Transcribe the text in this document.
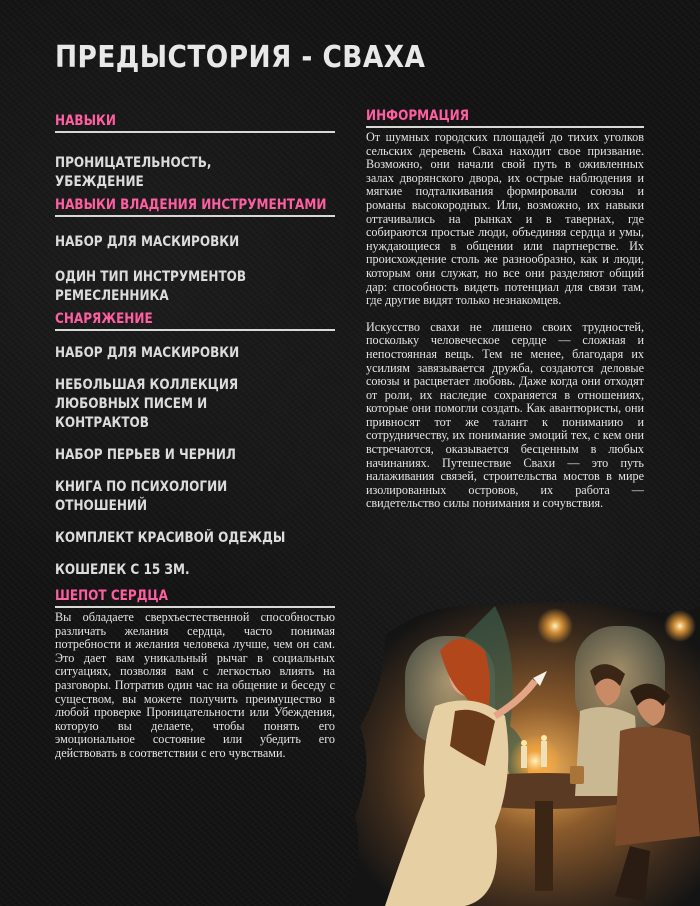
ПРЕДЫСТОРИЯ - СВАХА
НАВЫКИ
ПРОНИЦАТЕЛЬНОСТЬ, УБЕЖДЕНИЕ
НАВЫКИ ВЛАДЕНИЯ ИНСТРУМЕНТАМИ
НАБОР ДЛЯ МАСКИРОВКИ
ОДИН ТИП ИНСТРУМЕНТОВ РЕМЕСЛЕННИКА
СНАРЯЖЕНИЕ
НАБОР ДЛЯ МАСКИРОВКИ
НЕБОЛЬШАЯ КОЛЛЕКЦИЯ ЛЮБОВНЫХ ПИСЕМ И КОНТРАКТОВ
НАБОР ПЕРЬЕВ И ЧЕРНИЛ
КНИГА ПО ПСИХОЛОГИИ ОТНОШЕНИЙ
КОМПЛЕКТ КРАСИВОЙ ОДЕЖДЫ
КОШЕЛЕК С 15 ЗМ.
ШЕПОТ СЕРДЦА

Вы обладаете сверхъестественной способностью различать желания сердца, часто понимая потребности и желания человека лучше, чем он сам. Это дает вам уникальный рычаг в социальных ситуациях, позволяя вам с легкостью влиять на разговоры. Потратив один час на общение и беседу с существом, вы можете получить преимущество в любой проверке Проницательности или Убеждения, которую вы делаете, чтобы понять его эмоциональное состояние или убедить его действовать в соответствии с его чувствами.

ИНФОРМАЦИЯ

От шумных городских площадей до тихих уголков сельских деревень Сваха находит свое призвание. Возможно, они начали свой путь в оживленных залах дворянского двора, их острые наблюдения и мягкие подталкивания формировали союзы и романы высокородных. Или, возможно, их навыки оттачивались на рынках и в тавернах, где собираются простые люди, объединяя сердца и умы, нуждающиеся в общении или партнерстве. Их происхождение столь же разнообразно, как и люди, которым они служат, но все они разделяют общий дар: способность видеть потенциал для связи там, где другие видят только незнакомцев.

Искусство свахи не лишено своих трудностей, поскольку человеческое сердце — сложная и непостоянная вещь. Тем не менее, благодаря их усилиям завязывается дружба, создаются деловые союзы и расцветает любовь. Даже когда они отходят от роли, их наследие сохраняется в отношениях, которые они помогли создать. Как авантюристы, они привносят тот же талант к пониманию и сотрудничеству, их понимание эмоций тех, с кем они встречаются, оказывается бесценным в любых начинаниях. Путешествие Свахи — это путь налаживания связей, строительства мостов в мире изолированных островов, их работа — свидетельство силы понимания и сочувствия.
